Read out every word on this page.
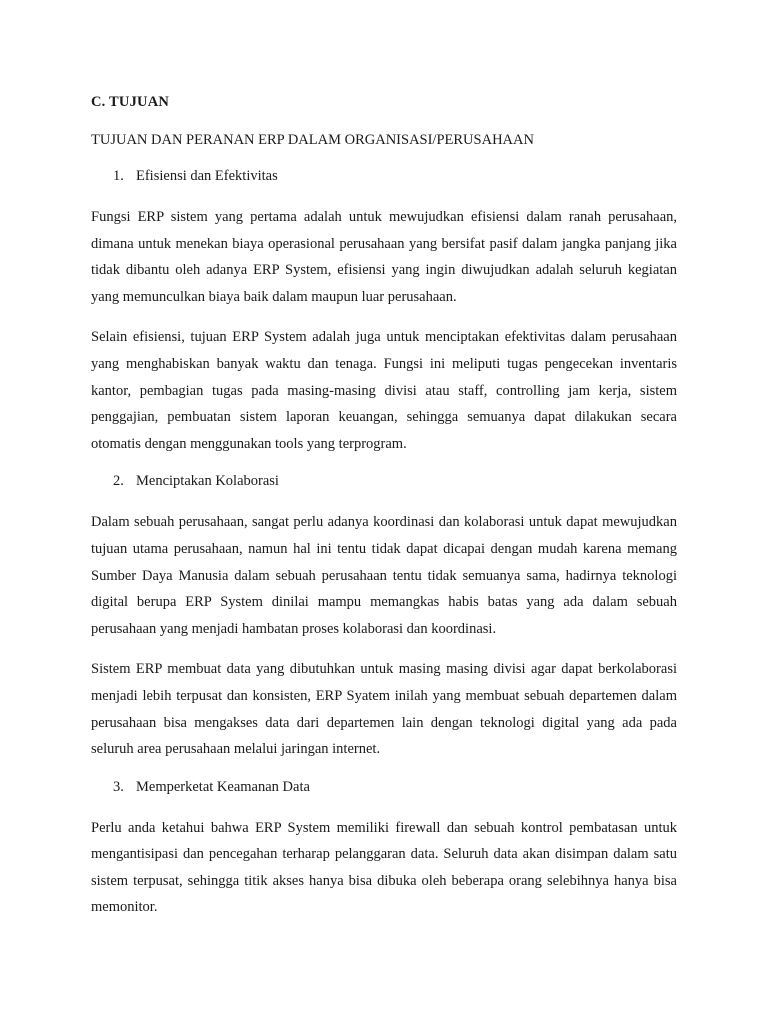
C. TUJUAN
TUJUAN DAN PERANAN ERP DALAM ORGANISASI/PERUSAHAAN
1. Efisiensi dan Efektivitas

Fungsi ERP sistem yang pertama adalah untuk mewujudkan efisiensi dalam ranah perusahaan, dimana untuk menekan biaya operasional perusahaan yang bersifat pasif dalam jangka panjang jika tidak dibantu oleh adanya ERP System, efisiensi yang ingin diwujudkan adalah seluruh kegiatan yang memunculkan biaya baik dalam maupun luar perusahaan.

Selain efisiensi, tujuan ERP System adalah juga untuk menciptakan efektivitas dalam perusahaan yang menghabiskan banyak waktu dan tenaga. Fungsi ini meliputi tugas pengecekan inventaris kantor, pembagian tugas pada masing-masing divisi atau staff, controlling jam kerja, sistem penggajian, pembuatan sistem laporan keuangan, sehingga semuanya dapat dilakukan secara otomatis dengan menggunakan tools yang terprogram.

2. Menciptakan Kolaborasi

Dalam sebuah perusahaan, sangat perlu adanya koordinasi dan kolaborasi untuk dapat mewujudkan tujuan utama perusahaan, namun hal ini tentu tidak dapat dicapai dengan mudah karena memang Sumber Daya Manusia dalam sebuah perusahaan tentu tidak semuanya sama, hadirnya teknologi digital berupa ERP System dinilai mampu memangkas habis batas yang ada dalam sebuah perusahaan yang menjadi hambatan proses kolaborasi dan koordinasi.

Sistem ERP membuat data yang dibutuhkan untuk masing masing divisi agar dapat berkolaborasi menjadi lebih terpusat dan konsisten, ERP Syatem inilah yang membuat sebuah departemen dalam perusahaan bisa mengakses data dari departemen lain dengan teknologi digital yang ada pada seluruh area perusahaan melalui jaringan internet.

3. Memperketat Keamanan Data

Perlu anda ketahui bahwa ERP System memiliki firewall dan sebuah kontrol pembatasan untuk mengantisipasi dan pencegahan terharap pelanggaran data. Seluruh data akan disimpan dalam satu sistem terpusat, sehingga titik akses hanya bisa dibuka oleh beberapa orang selebihnya hanya bisa memonitor.
